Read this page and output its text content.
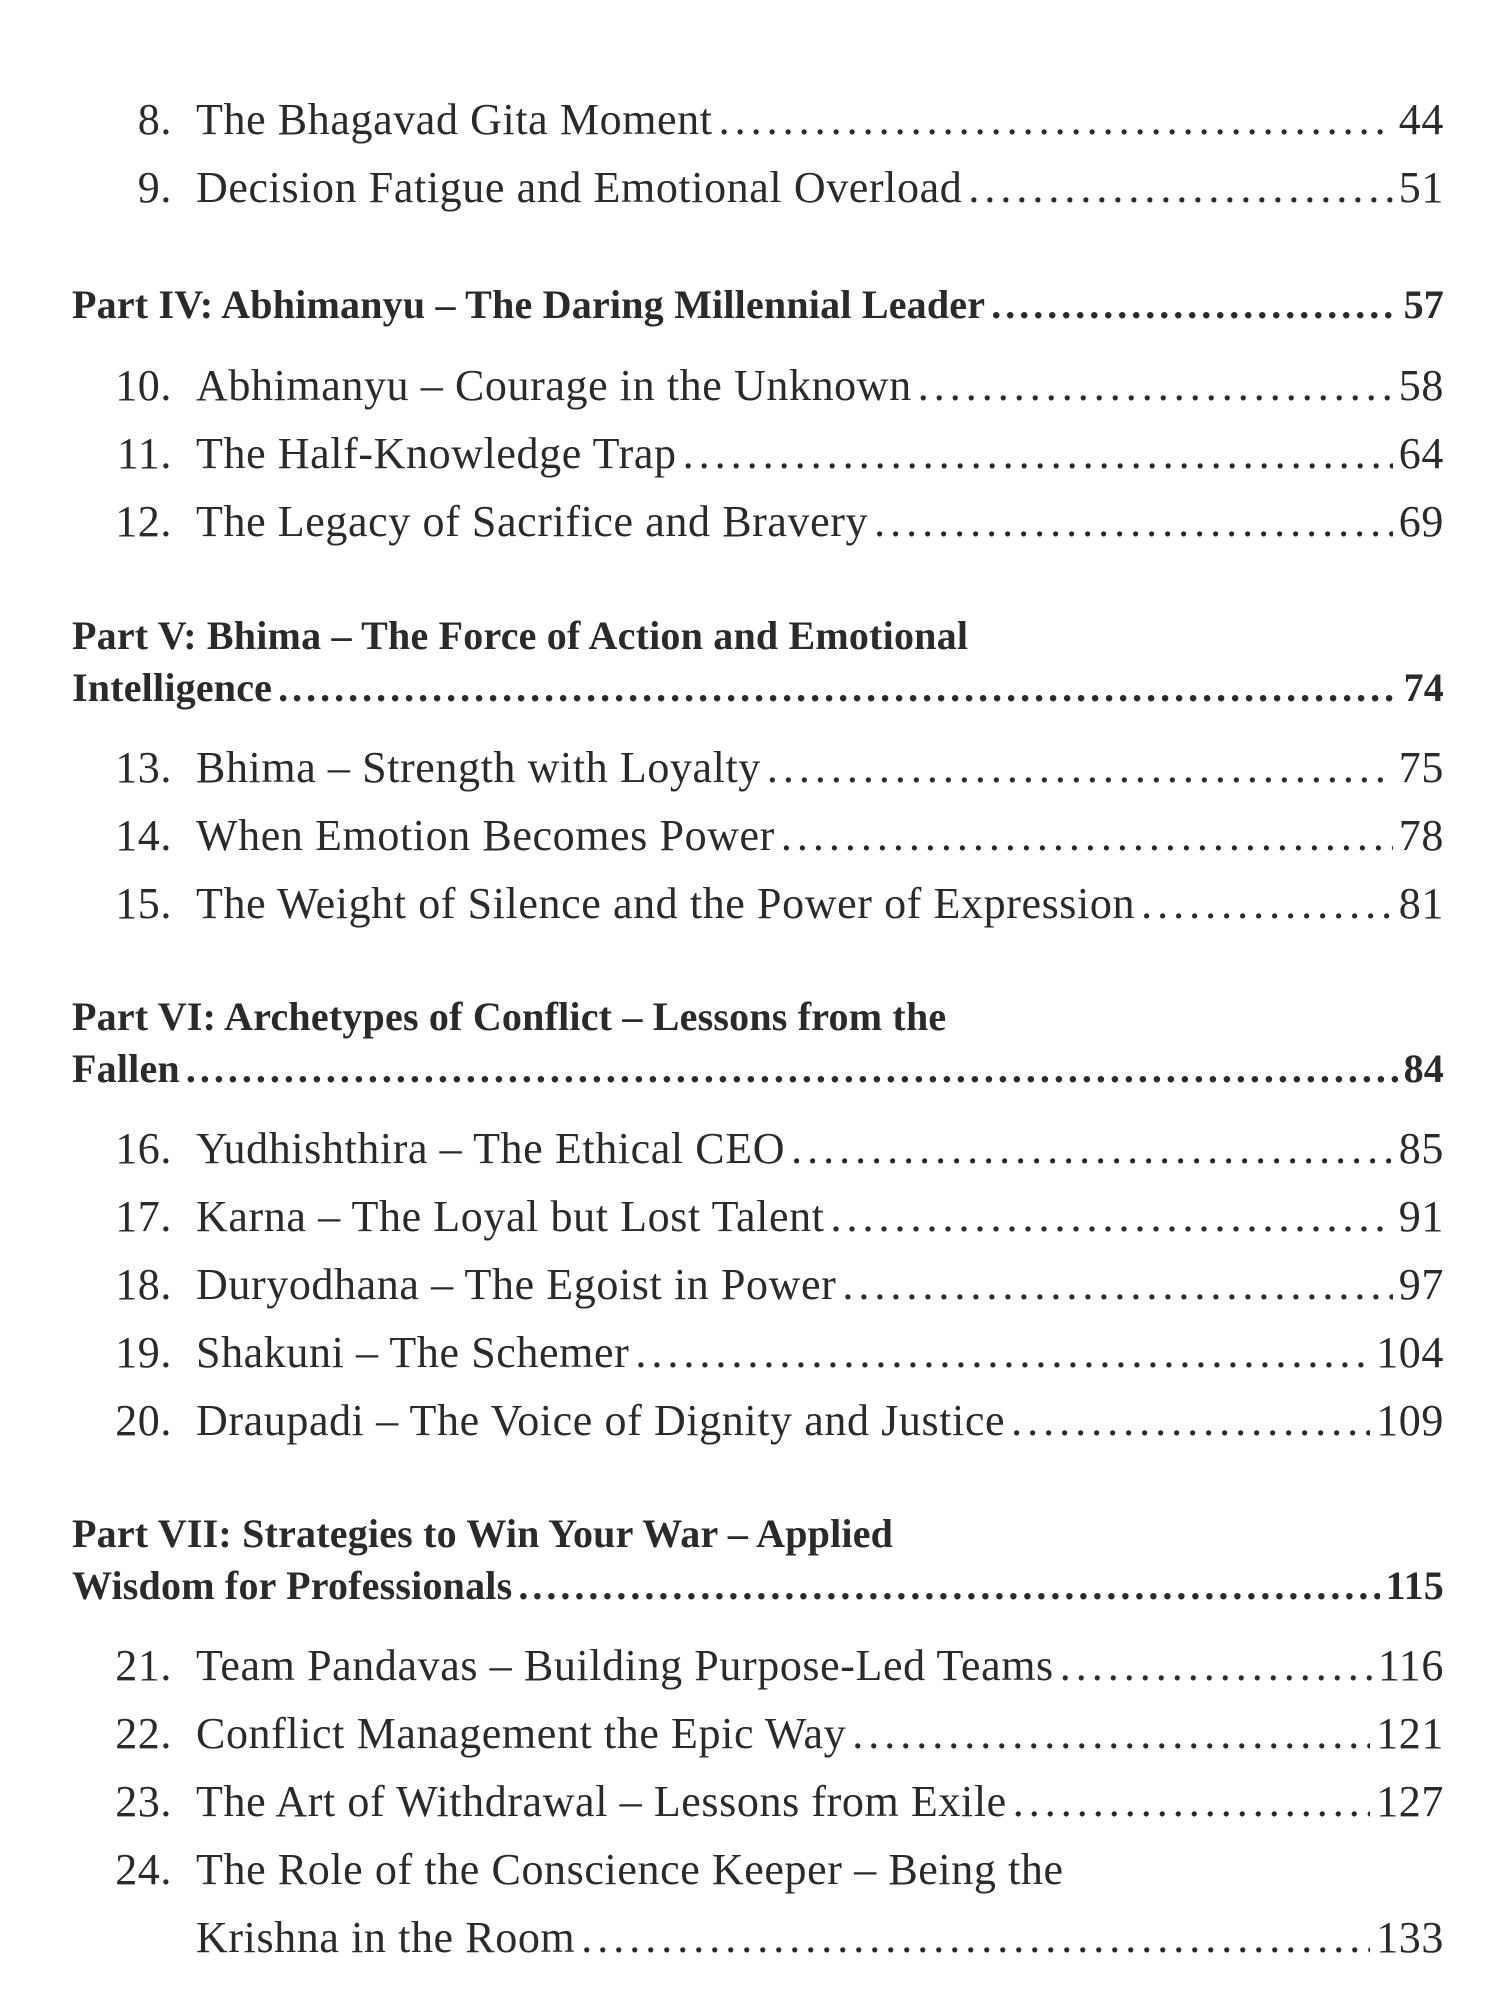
8. The Bhagavad Gita Moment . . .	44
9. Decision Fatigue and Emotional Overload . . .	51
Part IV: Abhimanyu – The Daring Millennial Leader . . .	57
10. Abhimanyu – Courage in the Unknown . . .	58
11. The Half-Knowledge Trap . . .	64
12. The Legacy of Sacrifice and Bravery . . .	69
Part V: Bhima – The Force of Action and Emotional
Intelligence . . .	74
13. Bhima – Strength with Loyalty . . .	75
14. When Emotion Becomes Power . . .	78
15. The Weight of Silence and the Power of Expression . . .	81
Part VI: Archetypes of Conflict – Lessons from the
Fallen . . .	84
16. Yudhishthira – The Ethical CEO . . .	85
17. Karna – The Loyal but Lost Talent . . .	91
18. Duryodhana – The Egoist in Power . . .	97
19. Shakuni – The Schemer . . .	104
20. Draupadi – The Voice of Dignity and Justice . . .	109
Part VII: Strategies to Win Your War – Applied
Wisdom for Professionals . . .	115
21. Team Pandavas – Building Purpose-Led Teams . . .	116
22. Conflict Management the Epic Way . . .	121
23. The Art of Withdrawal – Lessons from Exile . . .	127
24. The Role of the Conscience Keeper – Being the
Krishna in the Room . . .	133
